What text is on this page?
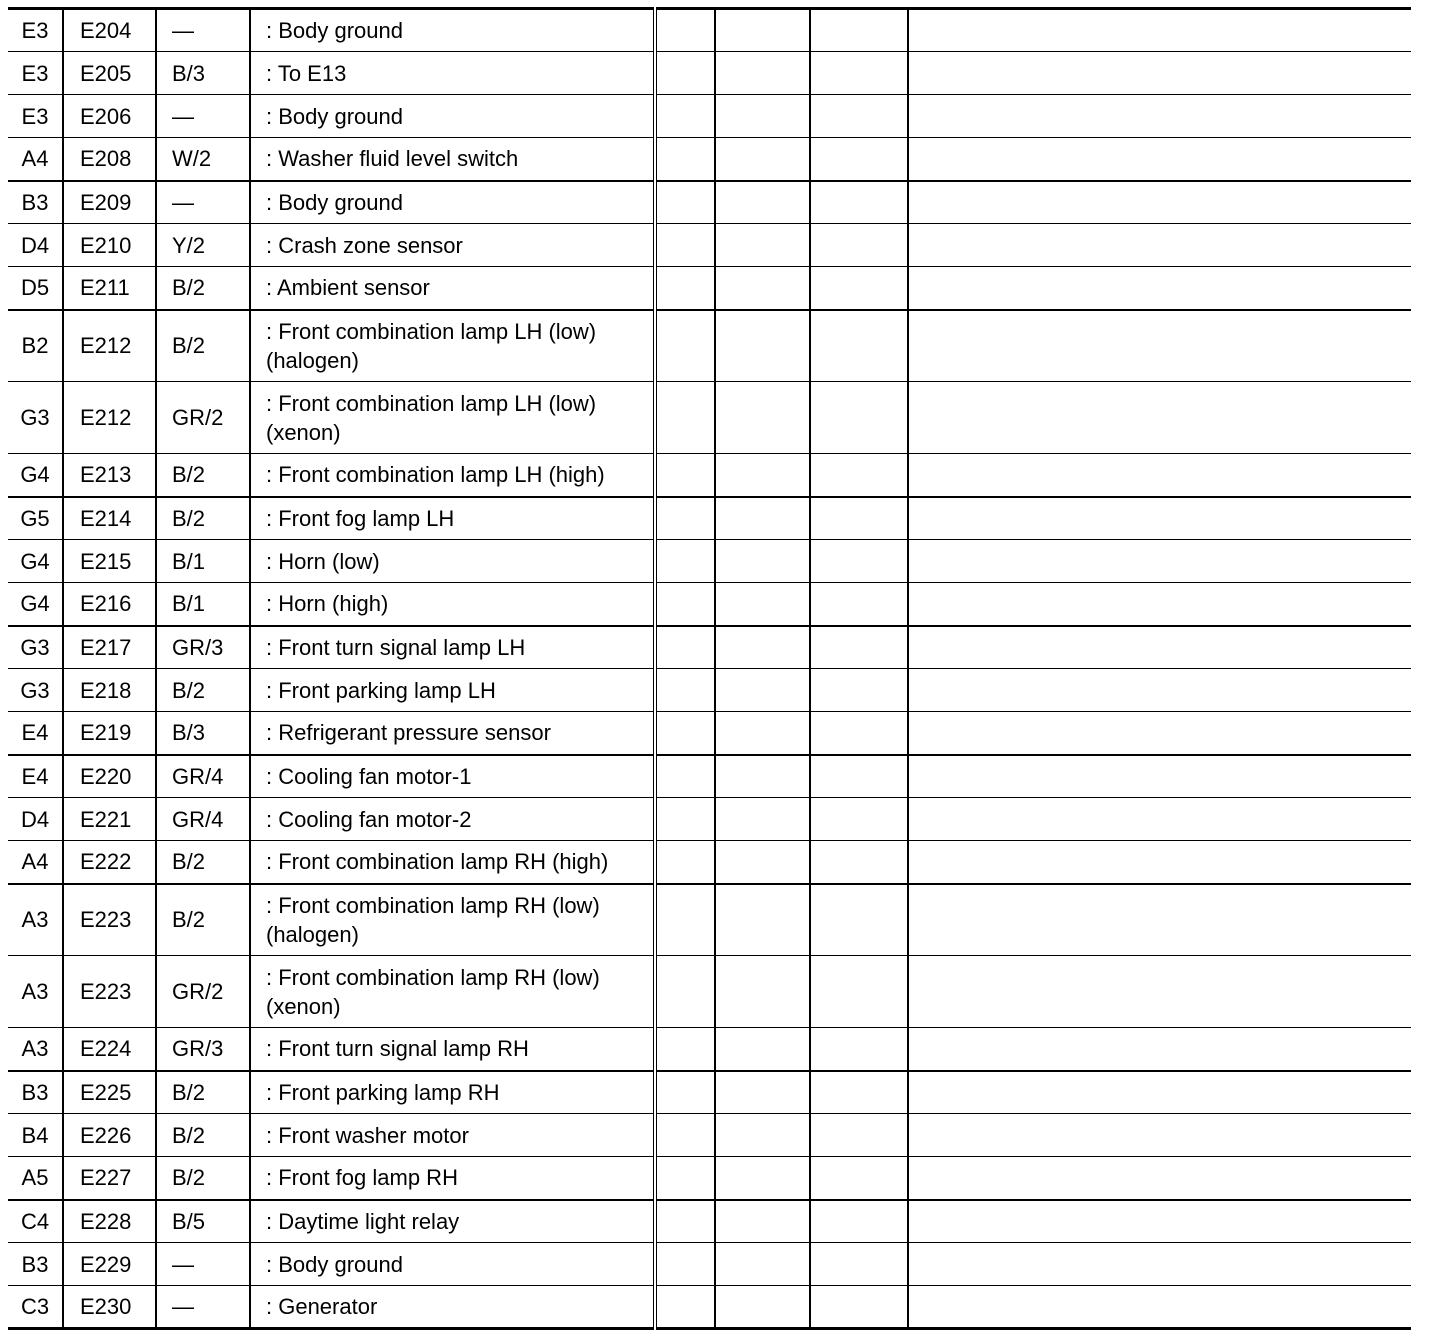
E3	E204	—	: Body ground				

E3	E205	B/3	: To E13				

E3	E206	—	: Body ground				

A4	E208	W/2	: Washer fluid level switch				

B3	E209	—	: Body ground				

D4	E210	Y/2	: Crash zone sensor				

D5	E211	B/2	: Ambient sensor				

B2	E212	B/2	: Front combination lamp LH (low)
(halogen)				

G3	E212	GR/2	: Front combination lamp LH (low)
(xenon)				

G4	E213	B/2	: Front combination lamp LH (high)				

G5	E214	B/2	: Front fog lamp LH				

G4	E215	B/1	: Horn (low)				

G4	E216	B/1	: Horn (high)				

G3	E217	GR/3	: Front turn signal lamp LH				

G3	E218	B/2	: Front parking lamp LH				

E4	E219	B/3	: Refrigerant pressure sensor				

E4	E220	GR/4	: Cooling fan motor-1				

D4	E221	GR/4	: Cooling fan motor-2				

A4	E222	B/2	: Front combination lamp RH (high)				

A3	E223	B/2	: Front combination lamp RH (low)
(halogen)				

A3	E223	GR/2	: Front combination lamp RH (low)
(xenon)				

A3	E224	GR/3	: Front turn signal lamp RH				

B3	E225	B/2	: Front parking lamp RH				

B4	E226	B/2	: Front washer motor				

A5	E227	B/2	: Front fog lamp RH				

C4	E228	B/5	: Daytime light relay				

B3	E229	—	: Body ground				

C3	E230	—	: Generator				
